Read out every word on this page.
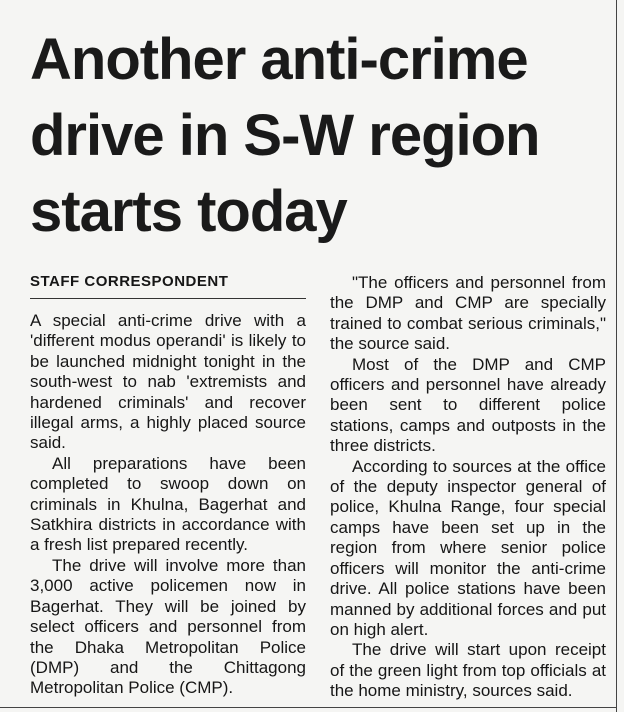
Another anti-crime
drive in S-W region
starts today
STAFF CORRESPONDENT

A special anti-crime drive with a 'different modus operandi' is likely to be launched midnight tonight in the south-west to nab 'extremists and hardened criminals' and recover illegal arms, a highly placed source said.

All preparations have been completed to swoop down on criminals in Khulna, Bagerhat and Satkhira districts in accordance with a fresh list prepared recently.

The drive will involve more than 3,000 active policemen now in Bagerhat. They will be joined by select officers and personnel from the Dhaka Metropolitan Police (DMP) and the Chittagong Metropolitan Police (CMP).

"The officers and personnel from the DMP and CMP are specially trained to combat serious criminals," the source said.

Most of the DMP and CMP officers and personnel have already been sent to different police stations, camps and outposts in the three districts.

According to sources at the office of the deputy inspector general of police, Khulna Range, four special camps have been set up in the region from where senior police officers will monitor the anti-crime drive. All police stations have been manned by additional forces and put on high alert.

The drive will start upon receipt of the green light from top officials at the home ministry, sources said.
